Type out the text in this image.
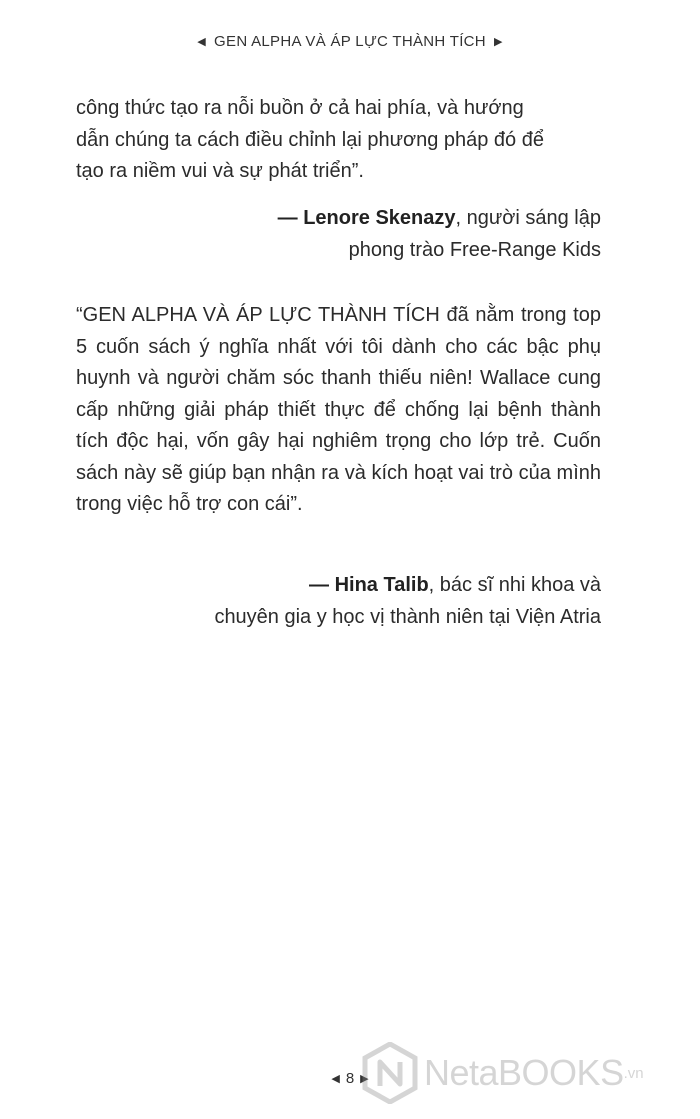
◀ GEN ALPHA VÀ ÁP LỰC THÀNH TÍCH ▶

công thức tạo ra nỗi buồn ở cả hai phía, và hướng
dẫn chúng ta cách điều chỉnh lại phương pháp đó để
tạo ra niềm vui và sự phát triển”.

— Lenore Skenazy, người sáng lập
phong trào Free-Range Kids

“GEN ALPHA VÀ ÁP LỰC THÀNH TÍCH đã nằm trong top 5 cuốn sách ý nghĩa nhất với tôi dành cho các bậc phụ huynh và người chăm sóc thanh thiếu niên! Wallace cung cấp những giải pháp thiết thực để chống lại bệnh thành tích độc hại, vốn gây hại nghiêm trọng cho lớp trẻ. Cuốn sách này sẽ giúp bạn nhận ra và kích hoạt vai trò của mình trong việc hỗ trợ con cái”.

— Hina Talib, bác sĩ nhi khoa và
chuyên gia y học vị thành niên tại Viện Atria
◀ 8 ▶	NetaBOOKS .vn
